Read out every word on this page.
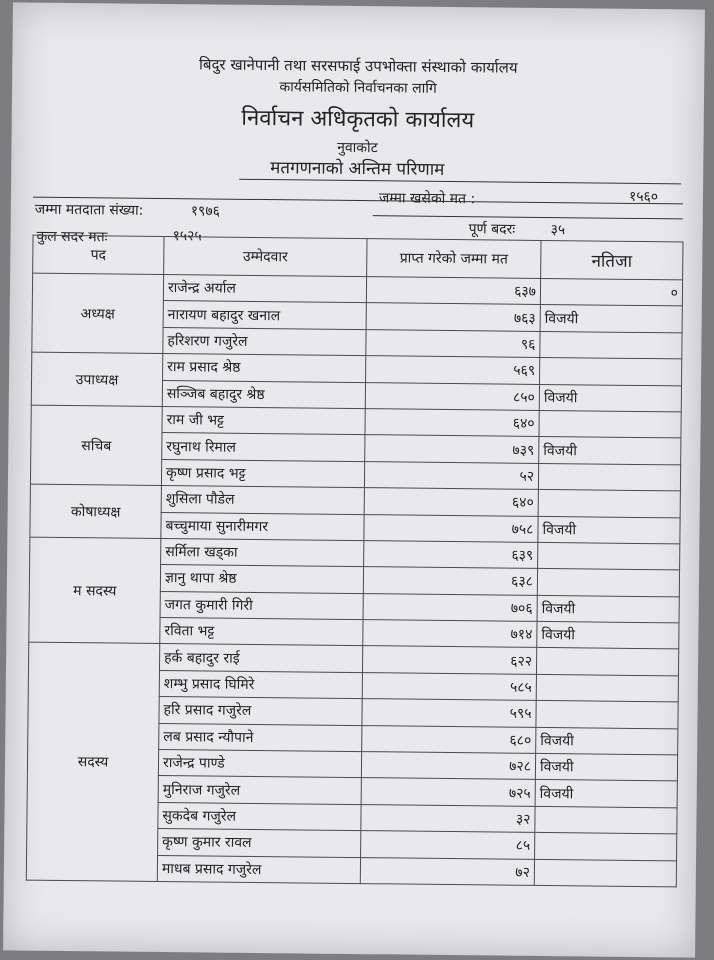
बिदुर खानेपानी तथा सरसफाई उपभोक्ता संस्थाको कार्यालय
कार्यसमितिको निर्वाचनका लागि
निर्वाचन अधिकृतको कार्यालय
नुवाकोट
मतगणनाको अन्तिम परिणाम
जम्मा मतदाता संख्या:	१९७६
जम्मा खसेको मत :	१५६०
कुल सदर मतः	१५२५	पूर्ण बदरः	३५
पद	उम्मेदवार	प्राप्त गरेको जम्मा मत	नतिजा
अध्यक्ष	राजेन्द्र अर्याल	६३७	०
	नारायण बहादुर खनाल	७६३	विजयी
	हरिशरण गजुरेल	९६	
उपाध्यक्ष	राम प्रसाद श्रेष्ठ	५६९	
	सञ्जिब बहादुर श्रेष्ठ	८५०	विजयी
सचिब	राम जी भट्ट	६४०	
	रघुनाथ रिमाल	७३९	विजयी
	कृष्ण प्रसाद भट्ट	५२	
कोषाध्यक्ष	शुसिला पौडेल	६४०	
	बच्चुमाया सुनारीमगर	७५८	विजयी
म सदस्य	सर्मिला खड्का	६३९	
	ज्ञानु थापा श्रेष्ठ	६३८	
	जगत कुमारी गिरी	७०६	विजयी
	रविता भट्ट	७१४	विजयी
सदस्य	हर्क बहादुर राई	६२२	
	शम्भु प्रसाद घिमिरे	५८५	
	हरि प्रसाद गजुरेल	५९५	
	लब प्रसाद न्यौपाने	६८०	विजयी
	राजेन्द्र पाण्डे	७२८	विजयी
	मुनिराज गजुरेल	७२५	विजयी
	सुकदेब गजुरेल	३२	
	कृष्ण कुमार रावल	८५	
	माधब प्रसाद गजुरेल	७२	
